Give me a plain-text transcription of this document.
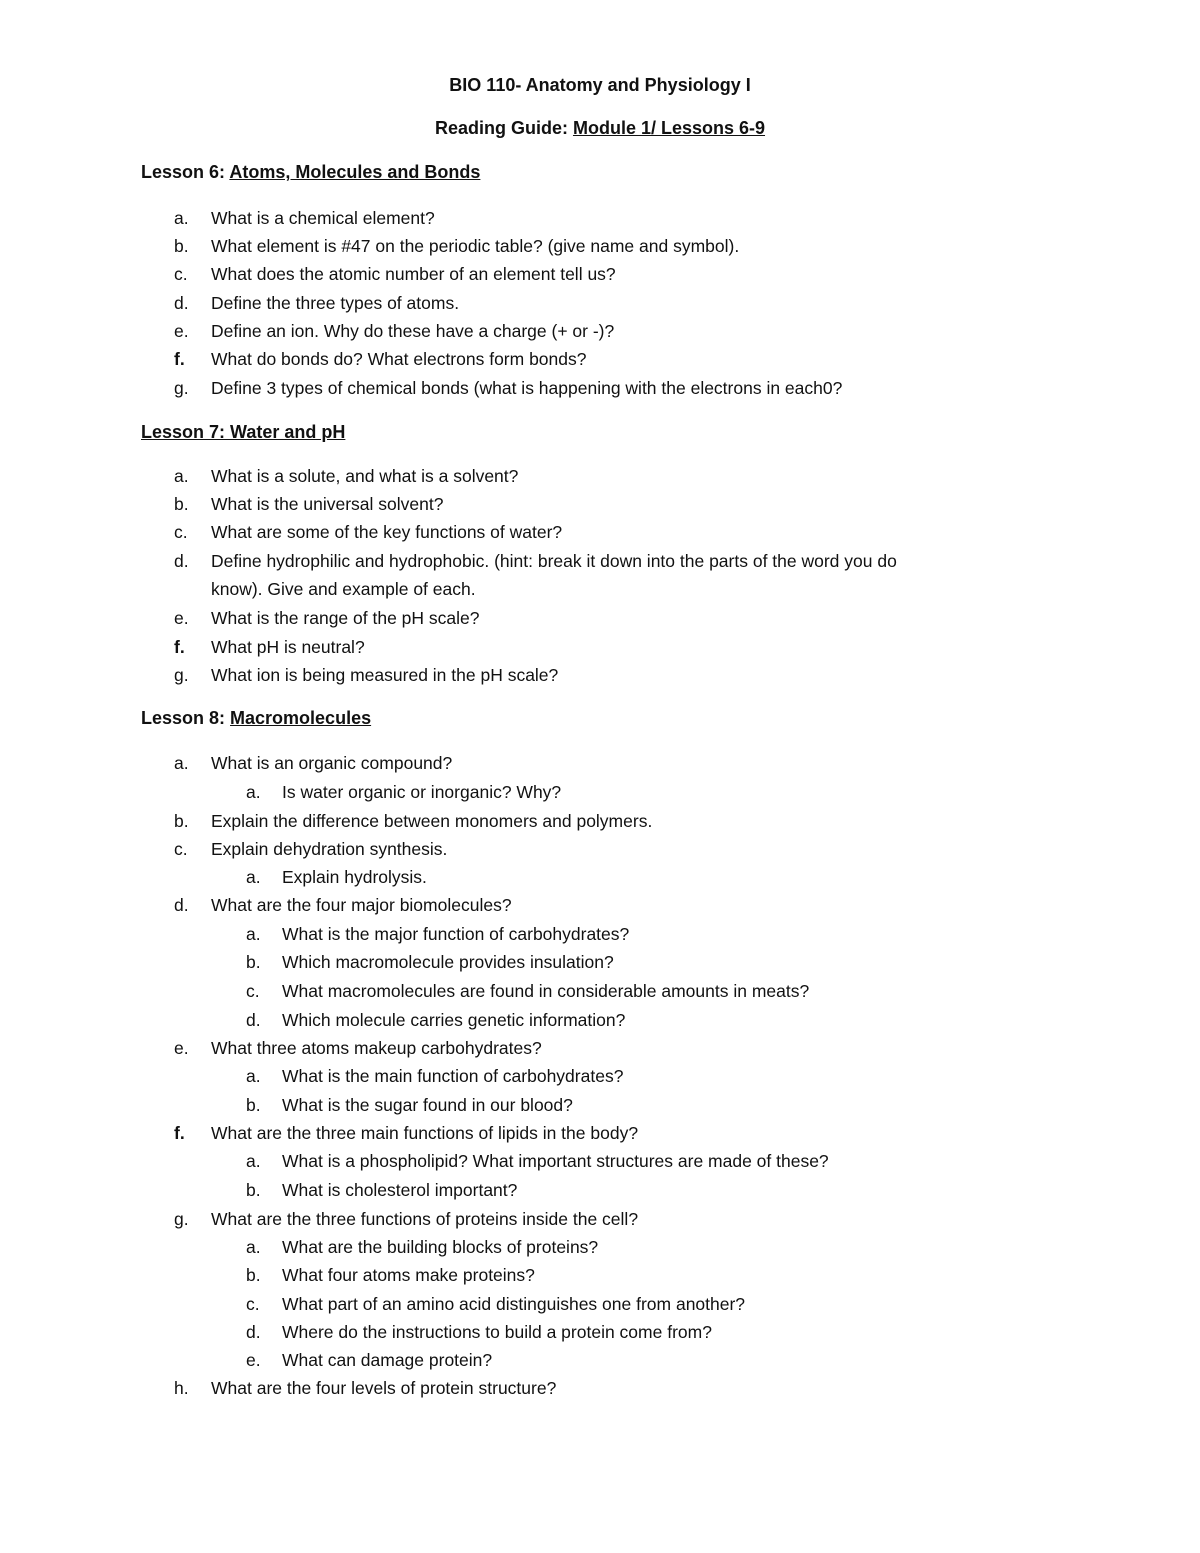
BIO 110- Anatomy and Physiology I
Reading Guide: Module 1/ Lessons 6-9
Lesson 6: Atoms, Molecules and Bonds
a. What is a chemical element?
b. What element is #47 on the periodic table? (give name and symbol).
c. What does the atomic number of an element tell us?
d. Define the three types of atoms.
e. Define an ion. Why do these have a charge (+ or -)?
f. What do bonds do? What electrons form bonds?
g. Define 3 types of chemical bonds (what is happening with the electrons in each0?
Lesson 7: Water and pH
a. What is a solute, and what is a solvent?
b. What is the universal solvent?
c. What are some of the key functions of water?
d. Define hydrophilic and hydrophobic. (hint: break it down into the parts of the word you do
know). Give and example of each.
e. What is the range of the pH scale?
f. What pH is neutral?
g. What ion is being measured in the pH scale?
Lesson 8: Macromolecules
a. What is an organic compound?
a. Is water organic or inorganic? Why?
b. Explain the difference between monomers and polymers.
c. Explain dehydration synthesis.
a. Explain hydrolysis.
d. What are the four major biomolecules?
a. What is the major function of carbohydrates?
b. Which macromolecule provides insulation?
c. What macromolecules are found in considerable amounts in meats?
d. Which molecule carries genetic information?
e. What three atoms makeup carbohydrates?
a. What is the main function of carbohydrates?
b. What is the sugar found in our blood?
f. What are the three main functions of lipids in the body?
a. What is a phospholipid? What important structures are made of these?
b. What is cholesterol important?
g. What are the three functions of proteins inside the cell?
a. What are the building blocks of proteins?
b. What four atoms make proteins?
c. What part of an amino acid distinguishes one from another?
d. Where do the instructions to build a protein come from?
e. What can damage protein?
h. What are the four levels of protein structure?
